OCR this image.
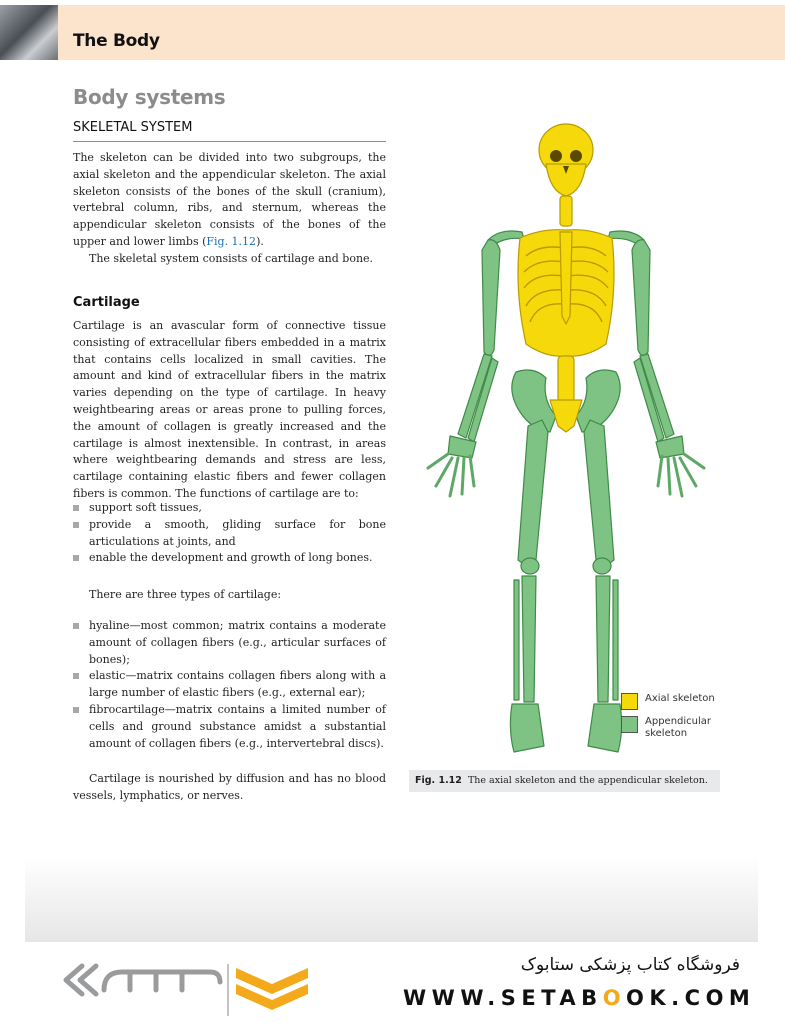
The Body
Body systems
SKELETAL SYSTEM

The skeleton can be divided into two subgroups, the axial skeleton and the appendicular skeleton. The axial skeleton consists of the bones of the skull (cranium), vertebral column, ribs, and sternum, whereas the appendicular skeleton consists of the bones of the upper and lower limbs (Fig. 1.12).

The skeletal system consists of cartilage and bone.

Cartilage

Cartilage is an avascular form of connective tissue consisting of extracellular fibers embedded in a matrix that contains cells localized in small cavities. The amount and kind of extracellular fibers in the matrix varies depending on the type of cartilage. In heavy weightbearing areas or areas prone to pulling forces, the amount of collagen is greatly increased and the cartilage is almost inextensible. In contrast, in areas where weightbearing demands and stress are less, cartilage containing elastic fibers and fewer collagen fibers is common. The functions of cartilage are to:

support soft tissues,
provide a smooth, gliding surface for bone articulations at joints, and
enable the development and growth of long bones.

There are three types of cartilage:

hyaline—most common; matrix contains a moderate amount of collagen fibers (e.g., articular surfaces of bones);
elastic—matrix contains collagen fibers along with a large number of elastic fibers (e.g., external ear);
fibrocartilage—matrix contains a limited number of cells and ground substance amidst a substantial amount of collagen fibers (e.g., intervertebral discs).

Cartilage is nourished by diffusion and has no blood vessels, lymphatics, or nerves.

Axial skeleton
Appendicular skeleton
Fig. 1.12 The axial skeleton and the appendicular skeleton.
فروشگاه کتاب پزشکی ستابوک
WWW.SETABOOK.COM
